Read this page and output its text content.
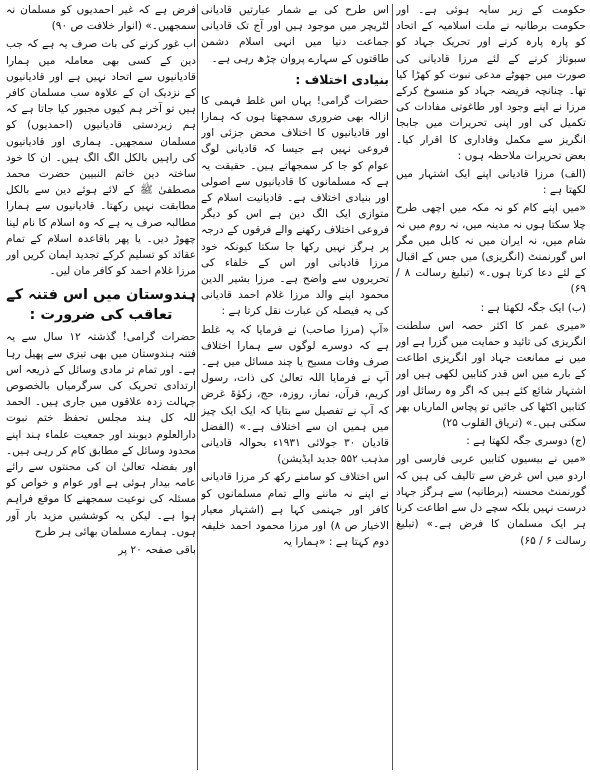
حکومت کے زیر سایہ ہوئی ہے۔ اور حکومت برطانیہ نے ملت اسلامیہ کے اتحاد کو پارہ پارہ کرنے اور تحریک جہاد کو سبوتاژ کرنے کے لئے مرزا قادیانی کی صورت میں جھوٹے مدعی نبوت کو کھڑا کیا تھا۔ چنانچہ فریضہ جہاد کو منسوخ کرکے مرزا نے اپنے وجود اور طاغوتی مفادات کی تکمیل کی اور اپنی تحریرات میں جابجا انگریز سے مکمل وفاداری کا اقرار کیا۔ بعض تحریرات ملاحظہ ہوں :

(الف) مرزا قادیانی اپنے ایک اشتہار میں لکھتا ہے :

«میں اپنے کام کو نہ مکہ میں اچھی طرح چلا سکتا ہوں نہ مدینہ میں، نہ روم میں نہ شام میں، نہ ایران میں نہ کابل میں مگر اس گورنمنٹ (انگریزی) میں جس کے اقبال کے لئے دعا کرتا ہوں۔» (تبلیغ رسالت ۸ / ۶۹)

(ب) ایک جگہ لکھتا ہے :

«میری عمر کا اکثر حصہ اس سلطنت انگریزی کی تائید و حمایت میں گزرا ہے اور میں نے ممانعت جہاد اور انگریزی اطاعت کے بارے میں اس قدر کتابیں لکھی ہیں اور اشتہار شائع کئے ہیں کہ اگر وہ رسائل اور کتابیں اکٹھا کی جائیں تو پچاس الماریاں بھر سکتی ہیں۔» (تریاق القلوب ۲۵)

(ج) دوسری جگہ لکھتا ہے :

«میں نے بیسیوں کتابیں عربی فارسی اور اردو میں اس غرض سے تالیف کی ہیں کہ گورنمنٹ محسنہ (برطانیہ) سے ہرگز جہاد درست نہیں بلکہ سچے دل سے اطاعت کرنا ہر ایک مسلمان کا فرض ہے۔» (تبلیغ رسالت ۶ / ۶۵)

اس طرح کی بے شمار عبارتیں قادیانی لٹریچر میں موجود ہیں اور آج تک قادیانی جماعت دنیا میں انہی اسلام دشمن طاقتوں کے سہارے پروان چڑھ رہی ہے۔

بنیادی اختلاف :

حضرات گرامی! یہاں اس غلط فہمی کا ازالہ بھی ضروری سمجھتا ہوں کہ ہمارا اور قادیانیوں کا اختلاف محض جزئی اور فروعی نہیں ہے جیسا کہ قادیانی لوگ عوام کو جا کر سمجھاتے ہیں۔ حقیقت یہ ہے کہ مسلمانوں کا قادیانیوں سے اصولی اور بنیادی اختلاف ہے۔ قادیانیت اسلام کے متوازی ایک الگ دین ہے اس کو دیگر فروعی اختلاف رکھنے والے فرقوں کے درجہ پر ہرگز نہیں رکھا جا سکتا کیونکہ خود مرزا قادیانی اور اس کے خلفاء کی تحریروں سے واضح ہے۔ مرزا بشیر الدین محمود اپنے والد مرزا غلام احمد قادیانی کی یہ فیصلہ کن عبارت نقل کرتا ہے :

«آپ (مرزا صاحب) نے فرمایا کہ یہ غلط ہے کہ دوسرے لوگوں سے ہمارا اختلاف صرف وفات مسیح یا چند مسائل میں ہے۔ آپ نے فرمایا اللہ تعالیٰ کی ذات، رسول کریم، قرآن، نماز، روزہ، حج، زکوٰۃ غرض کہ آپ نے تفصیل سے بتایا کہ ایک ایک چیز میں ہمیں ان سے اختلاف ہے۔» (الفضل قادیان ۳۰ جولائی ۱۹۳۱ء بحوالہ قادیانی مذہب ۵۵۲ جدید ایڈیشن)

اس اختلاف کو سامنے رکھ کر مرزا قادیانی نے اپنے نہ ماننے والے تمام مسلمانوں کو کافر اور جہنمی کہا ہے (اشتہار معیار الاخیار ص ۸) اور مرزا محمود احمد خلیفہ دوم کہتا ہے : «ہمارا یہ

فرض ہے کہ غیر احمدیوں کو مسلمان نہ سمجھیں۔» (انوار خلافت ص ۹۰)

اب غور کرنے کی بات صرف یہ ہے کہ جب دین کے کسی بھی معاملہ میں ہمارا قادیانیوں سے اتحاد نہیں ہے اور قادیانیوں کے نزدیک ان کے علاوہ سب مسلمان کافر ہیں تو آخر ہم کیوں مجبور کیا جاتا ہے کہ ہم زبردستی قادیانیوں (احمدیوں) کو مسلمان سمجھیں۔ ہماری اور قادیانیوں کی راہیں بالکل الگ الگ ہیں۔ ان کا خود ساختہ دین خاتم النبیین حضرت محمد مصطفیٰ ﷺ کے لائے ہوئے دین سے بالکل مطابقت نہیں رکھتا۔ قادیانیوں سے ہمارا مطالبہ صرف یہ ہے کہ وہ اسلام کا نام لینا چھوڑ دیں۔ یا پھر باقاعدہ اسلام کے تمام عقائد کو تسلیم کرکے تجدید ایمان کریں اور مرزا غلام احمد کو کافر مان لیں۔

ہندوستان میں اس فتنہ کے تعاقب کی ضرورت :

حضرات گرامی! گذشتہ ۱۲ سال سے یہ فتنہ ہندوستان میں بھی تیزی سے پھیل رہا ہے۔ اور تمام تر مادی وسائل کے ذریعہ اس ارتدادی تحریک کی سرگرمیاں بالخصوص جہالت زدہ علاقوں میں جاری ہیں۔ الحمد للہ کل ہند مجلس تحفظ ختم نبوت دارالعلوم دیوبند اور جمعیت علماء ہند اپنے محدود وسائل کے مطابق کام کر رہی ہیں۔ اور بفضلہ تعالیٰ ان کی محنتوں سے رائے عامہ بیدار ہوئی ہے اور عوام و خواص کو مسئلہ کی نوعیت سمجھنے کا موقع فراہم ہوا ہے۔ لیکن یہ کوششیں مزید بار آور ہوں۔ ہمارے مسلمان بھائی ہر طرح

باقی صفحہ ۲۰ پر
